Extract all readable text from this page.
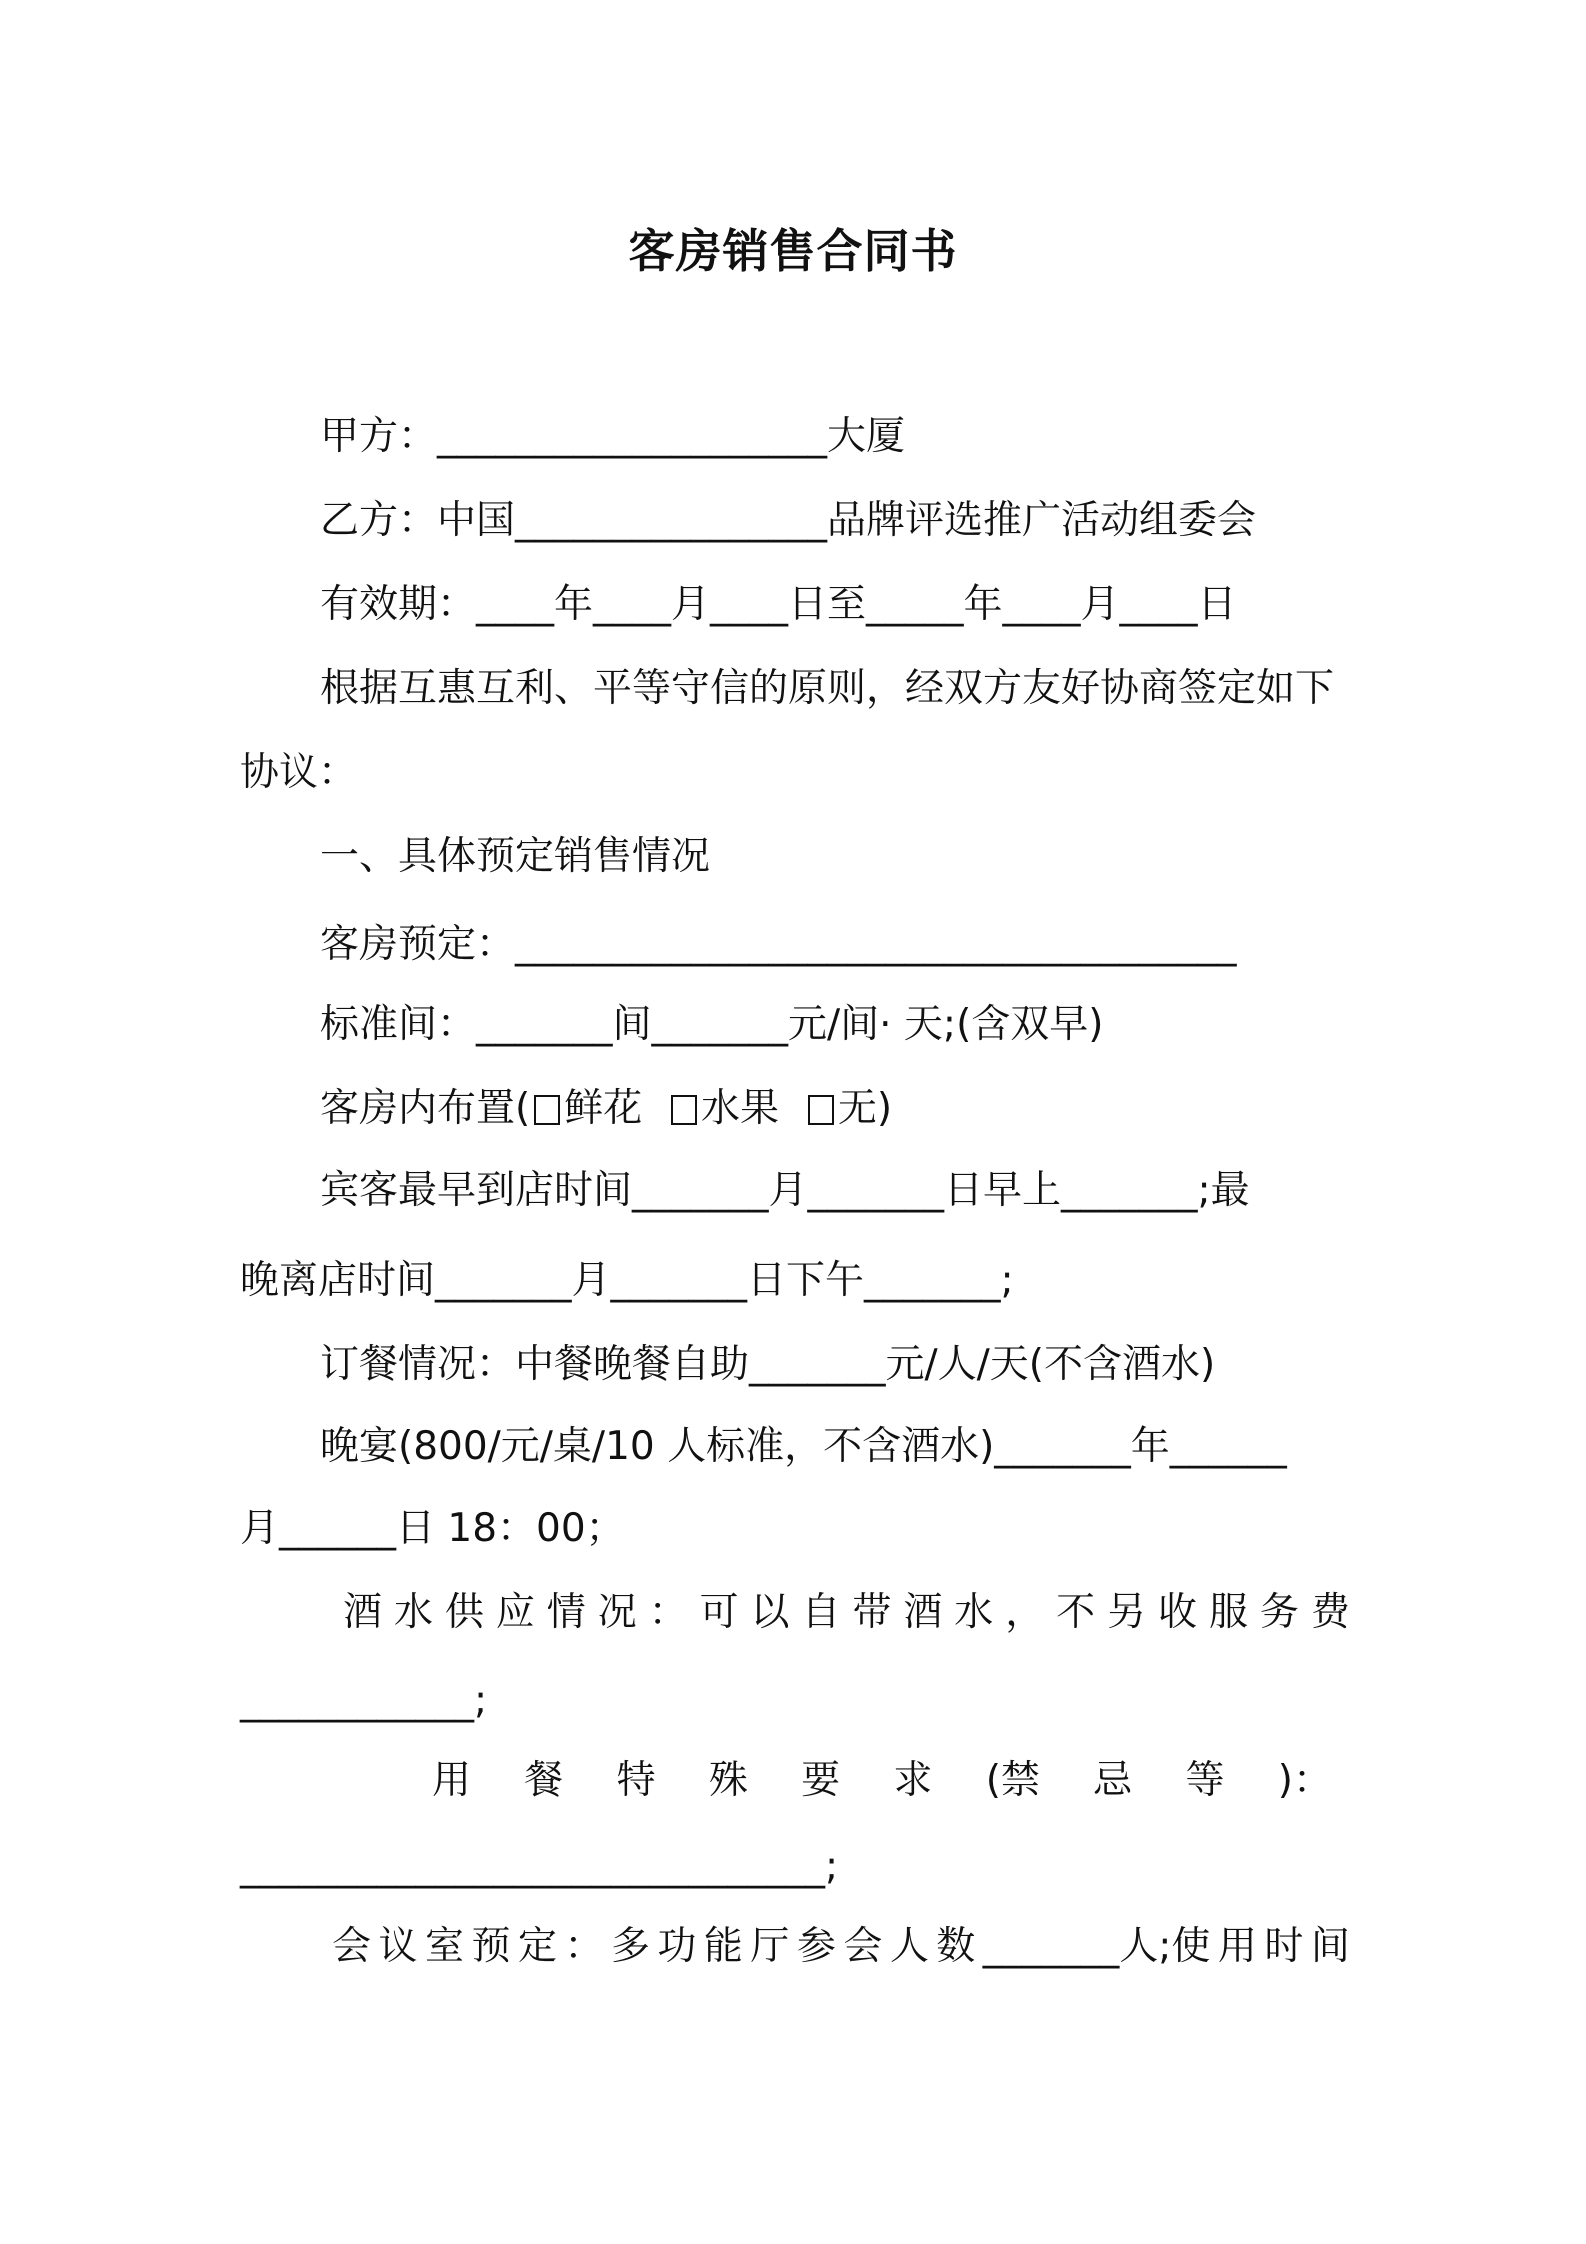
客房销售合同书
甲方：____________________大厦
乙方：中国________________品牌评选推广活动组委会
有效期：____年____月____日至_____年____月____日
根据互惠互利、平等守信的原则，经双方友好协商签定如下
协议：
一、具体预定销售情况
客房预定：_____________________________________
标准间：_______间_______元/间· 天;(含双早)
客房内布置( 鲜花 水果 无)
宾客最早到店时间_______月_______日早上_______;最
晚离店时间_______月_______日下午_______;
订餐情况：中餐晚餐自助_______元/人/天(不含酒水)
晚宴(800/元/桌/10 人标准，不含酒水)_______年______
月______日 18：00；
酒 水 供 应 情 况 ： 可 以 自 带 酒 水 ， 不 另 收 服 务 费
____________;
用 餐 特 殊 要 求 (禁 忌 等 )：
______________________________;
会 议 室 预 定 ： 多 功 能 厅 参 会 人 数 _______人;使 用 时 间
